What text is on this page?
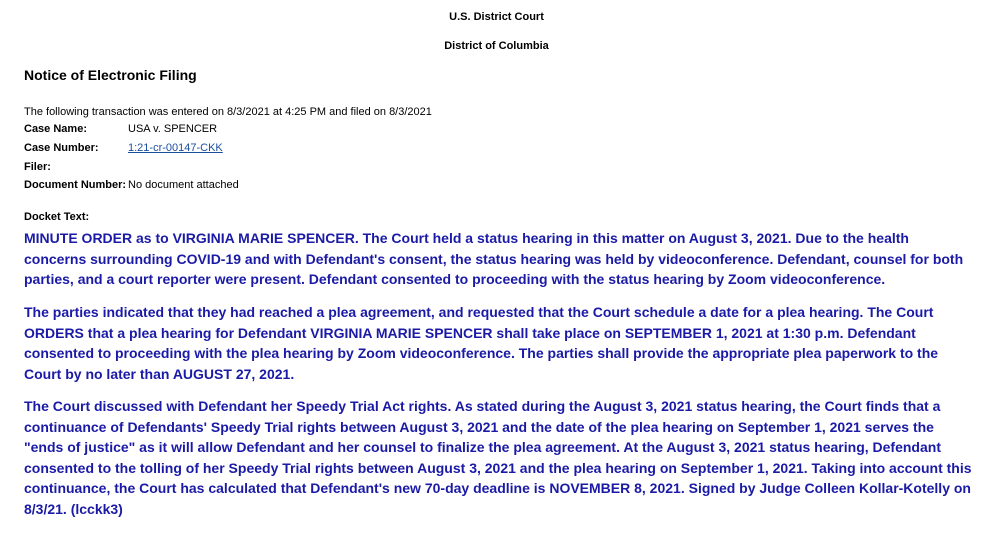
U.S. District Court
District of Columbia
Notice of Electronic Filing
The following transaction was entered on 8/3/2021 at 4:25 PM and filed on 8/3/2021
Case Name:	USA v. SPENCER
Case Number:	1:21-cr-00147-CKK
Filer:
Document Number: No document attached
Docket Text:

MINUTE ORDER as to VIRGINIA MARIE SPENCER. The Court held a status hearing in this matter on August 3, 2021. Due to the health concerns surrounding COVID-19 and with Defendant's consent, the status hearing was held by videoconference. Defendant, counsel for both parties, and a court reporter were present. Defendant consented to proceeding with the status hearing by Zoom videoconference.

The parties indicated that they had reached a plea agreement, and requested that the Court schedule a date for a plea hearing. The Court ORDERS that a plea hearing for Defendant VIRGINIA MARIE SPENCER shall take place on SEPTEMBER 1, 2021 at 1:30 p.m. Defendant consented to proceeding with the plea hearing by Zoom videoconference. The parties shall provide the appropriate plea paperwork to the Court by no later than AUGUST 27, 2021.

The Court discussed with Defendant her Speedy Trial Act rights. As stated during the August 3, 2021 status hearing, the Court finds that a continuance of Defendants' Speedy Trial rights between August 3, 2021 and the date of the plea hearing on September 1, 2021 serves the "ends of justice" as it will allow Defendant and her counsel to finalize the plea agreement. At the August 3, 2021 status hearing, Defendant consented to the tolling of her Speedy Trial rights between August 3, 2021 and the plea hearing on September 1, 2021. Taking into account this continuance, the Court has calculated that Defendant's new 70-day deadline is NOVEMBER 8, 2021. Signed by Judge Colleen Kollar-Kotelly on 8/3/21. (lcckk3)
